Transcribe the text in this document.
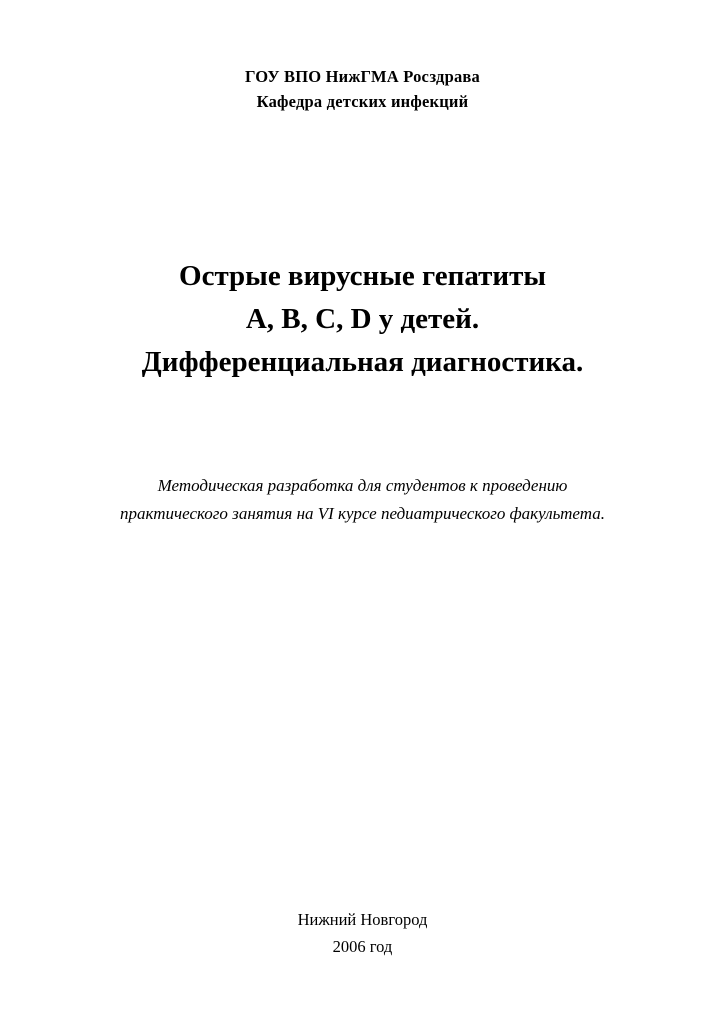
ГОУ ВПО НижГМА Росздрава
Кафедра детских инфекций
Острые вирусные гепатиты
A, B, C, D у детей.
Дифференциальная диагностика.
Методическая разработка для студентов к проведению
практического занятия на VI курсе педиатрического факультета.
Нижний Новгород
2006 год
